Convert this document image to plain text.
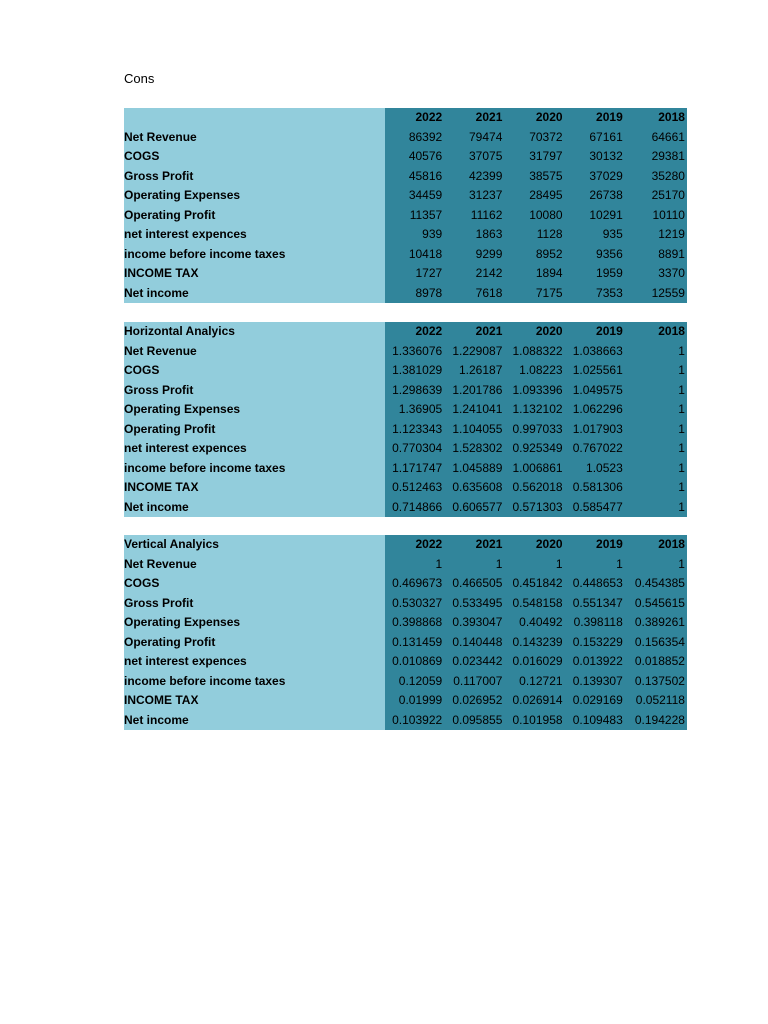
Cons
2022	2021	2020	2019	2018
Net Revenue	86392	79474	70372	67161	64661
COGS	40576	37075	31797	30132	29381
Gross Profit	45816	42399	38575	37029	35280
Operating Expenses	34459	31237	28495	26738	25170
Operating Profit	11357	11162	10080	10291	10110
net interest expences	939	1863	1128	935	1219
income before income taxes	10418	9299	8952	9356	8891
INCOME TAX	1727	2142	1894	1959	3370
Net income	8978	7618	7175	7353	12559
Horizontal Analyics	2022	2021	2020	2019	2018
Net Revenue	1.336076 1.229087 1.088322 1.038663	1
COGS	1.381029	1.26187	1.08223 1.025561	1
Gross Profit	1.298639 1.201786 1.093396 1.049575	1
Operating Expenses	1.36905 1.241041 1.132102 1.062296	1
Operating Profit	1.123343 1.104055 0.997033 1.017903	1
net interest expences	0.770304 1.528302 0.925349 0.767022	1
income before income taxes	1.171747 1.045889 1.006861	1.0523	1
INCOME TAX	0.512463 0.635608 0.562018 0.581306	1
Net income	0.714866 0.606577 0.571303 0.585477	1
Vertical Analyics	2022	2021	2020	2019	2018
Net Revenue	1	1	1	1	1
COGS	0.469673 0.466505 0.451842 0.448653	0.454385
Gross Profit	0.530327 0.533495 0.548158 0.551347	0.545615
Operating Expenses	0.398868 0.393047	0.40492 0.398118	0.389261
Operating Profit	0.131459 0.140448 0.143239 0.153229	0.156354
net interest expences	0.010869 0.023442 0.016029 0.013922	0.018852
income before income taxes	0.12059 0.117007	0.12721 0.139307	0.137502
INCOME TAX	0.01999 0.026952 0.026914 0.029169	0.052118
Net income	0.103922 0.095855 0.101958 0.109483	0.194228
